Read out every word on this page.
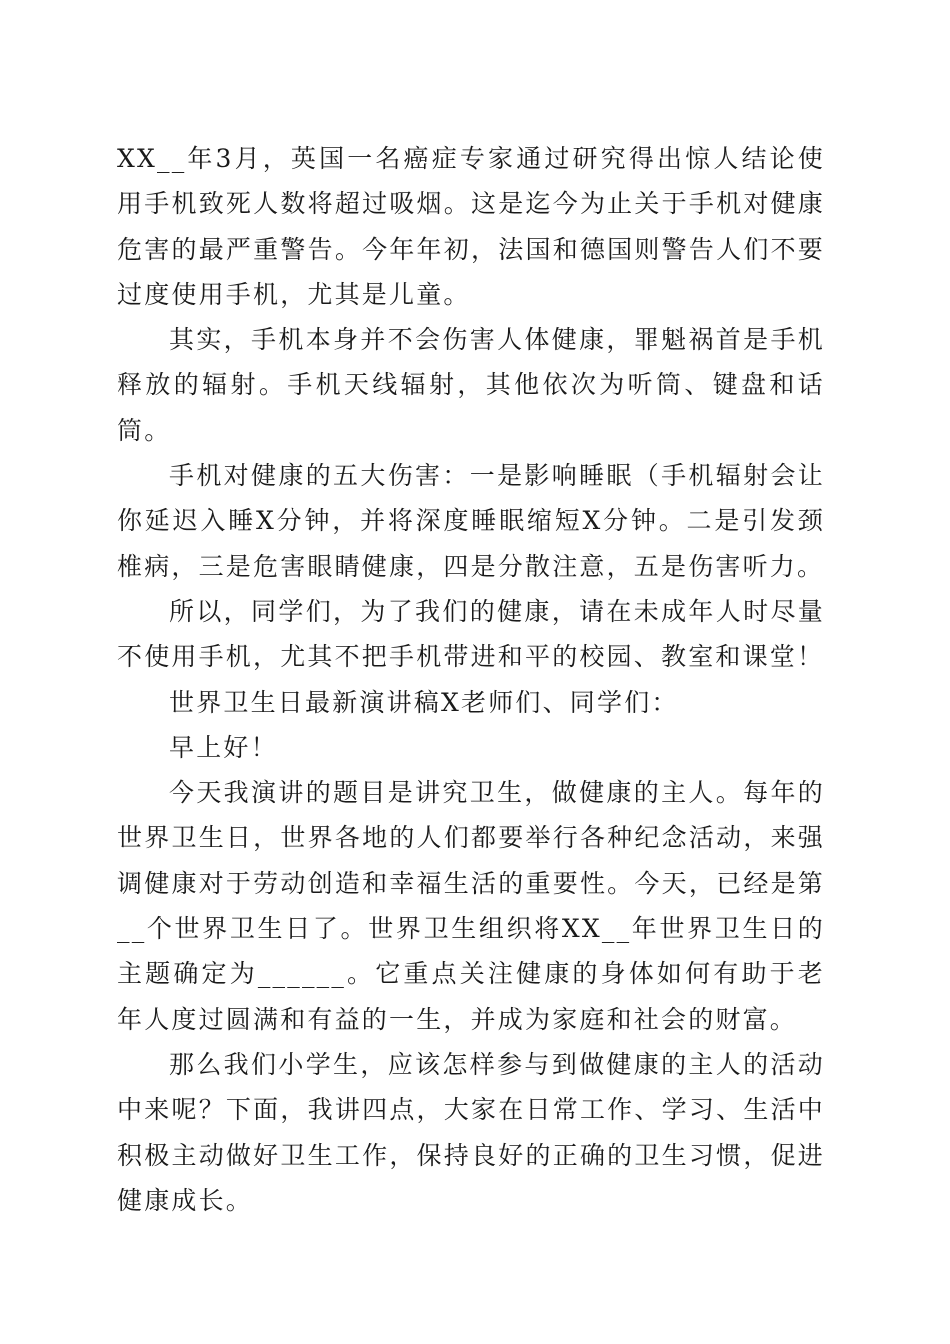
XX__年3月，英国一名癌症专家通过研究得出惊人结论使用手机致死人数将超过吸烟。这是迄今为止关于手机对健康危害的最严重警告。今年年初，法国和德国则警告人们不要过度使用手机，尤其是儿童。

其实，手机本身并不会伤害人体健康，罪魁祸首是手机释放的辐射。手机天线辐射，其他依次为听筒、键盘和话筒。

手机对健康的五大伤害：一是影响睡眠（手机辐射会让你延迟入睡X分钟，并将深度睡眠缩短X分钟。二是引发颈椎病，三是危害眼睛健康，四是分散注意，五是伤害听力。

所以，同学们，为了我们的健康，请在未成年人时尽量不使用手机，尤其不把手机带进和平的校园、教室和课堂！

世界卫生日最新演讲稿X老师们、同学们：

早上好！

今天我演讲的题目是讲究卫生，做健康的主人。每年的世界卫生日，世界各地的人们都要举行各种纪念活动，来强调健康对于劳动创造和幸福生活的重要性。今天，已经是第__个世界卫生日了。世界卫生组织将XX__年世界卫生日的主题确定为______。它重点关注健康的身体如何有助于老年人度过圆满和有益的一生，并成为家庭和社会的财富。

那么我们小学生，应该怎样参与到做健康的主人的活动中来呢？下面，我讲四点，大家在日常工作、学习、生活中积极主动做好卫生工作，保持良好的正确的卫生习惯，促进健康成长。
